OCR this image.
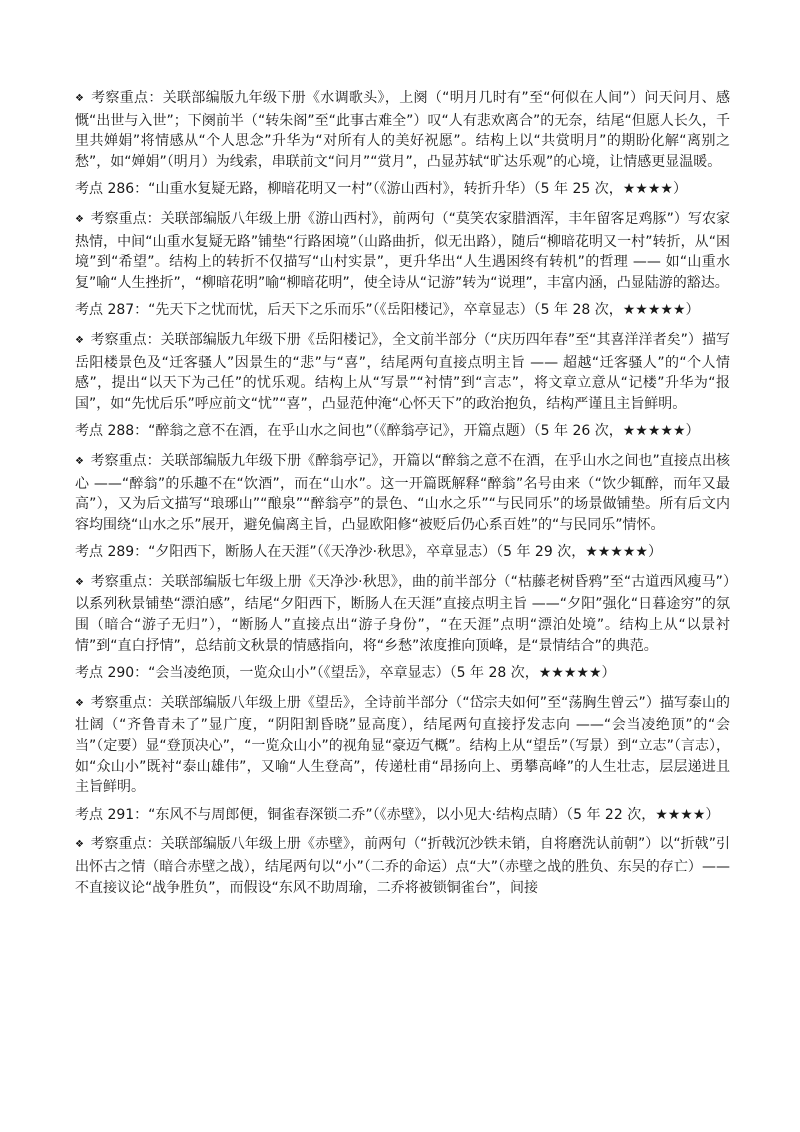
❖ 考察重点：关联部编版九年级下册《水调歌头》，上阕（“明月几时有”至“何似在人间”）问天问月、感慨“出世与入世”；下阕前半（“转朱阁”至“此事古难全”）叹“人有悲欢离合”的无奈，结尾“但愿人长久，千里共婵娟”将情感从“个人思念”升华为“对所有人的美好祝愿”。结构上以“共赏明月”的期盼化解“离别之愁”，如“婵娟”（明月）为线索，串联前文“问月”“赏月”，凸显苏轼“旷达乐观”的心境，让情感更显温暖。

考点 286：“山重水复疑无路，柳暗花明又一村”（《游山西村》，转折升华）（5 年 25 次，★★★★）

❖ 考察重点：关联部编版八年级上册《游山西村》，前两句（“莫笑农家腊酒浑，丰年留客足鸡豚”）写农家热情，中间“山重水复疑无路”铺垫“行路困境”（山路曲折，似无出路），随后“柳暗花明又一村”转折，从“困境”到“希望”。结构上的转折不仅描写“山村实景”，更升华出“人生遇困终有转机”的哲理 —— 如“山重水复”喻“人生挫折”，“柳暗花明”喻“柳暗花明”，使全诗从“记游”转为“说理”，丰富内涵，凸显陆游的豁达。

考点 287：“先天下之忧而忧，后天下之乐而乐”（《岳阳楼记》，卒章显志）（5 年 28 次，★★★★★）

❖ 考察重点：关联部编版九年级下册《岳阳楼记》，全文前半部分（“庆历四年春”至“其喜洋洋者矣”）描写岳阳楼景色及“迁客骚人”因景生的“悲”与“喜”，结尾两句直接点明主旨 —— 超越“迁客骚人”的“个人情感”，提出“以天下为己任”的忧乐观。结构上从“写景”“衬情”到“言志”，将文章立意从“记楼”升华为“报国”，如“先忧后乐”呼应前文“忧”“喜”，凸显范仲淹“心怀天下”的政治抱负，结构严谨且主旨鲜明。

考点 288：“醉翁之意不在酒，在乎山水之间也”（《醉翁亭记》，开篇点题）（5 年 26 次，★★★★★）

❖ 考察重点：关联部编版九年级下册《醉翁亭记》，开篇以“醉翁之意不在酒，在乎山水之间也”直接点出核心 ——“醉翁”的乐趣不在“饮酒”，而在“山水”。这一开篇既解释“醉翁”名号由来（“饮少辄醉，而年又最高”），又为后文描写“琅琊山”“酿泉”“醉翁亭”的景色、“山水之乐”“与民同乐”的场景做铺垫。所有后文内容均围绕“山水之乐”展开，避免偏离主旨，凸显欧阳修“被贬后仍心系百姓”的“与民同乐”情怀。

考点 289：“夕阳西下，断肠人在天涯”（《天净沙·秋思》，卒章显志）（5 年 29 次，★★★★★）

❖ 考察重点：关联部编版七年级上册《天净沙·秋思》，曲的前半部分（“枯藤老树昏鸦”至“古道西风瘦马”）以系列秋景铺垫“漂泊感”，结尾“夕阳西下，断肠人在天涯”直接点明主旨 ——“夕阳”强化“日暮途穷”的氛围（暗合“游子无归”），“断肠人”直接点出“游子身份”，“在天涯”点明“漂泊处境”。结构上从“以景衬情”到“直白抒情”，总结前文秋景的情感指向，将“乡愁”浓度推向顶峰，是“景情结合”的典范。

考点 290：“会当凌绝顶，一览众山小”（《望岳》，卒章显志）（5 年 28 次，★★★★★）

❖ 考察重点：关联部编版八年级上册《望岳》，全诗前半部分（“岱宗夫如何”至“荡胸生曾云”）描写泰山的壮阔（“齐鲁青未了”显广度，“阴阳割昏晓”显高度），结尾两句直接抒发志向 ——“会当凌绝顶”的“会当”（定要）显“登顶决心”，“一览众山小”的视角显“豪迈气概”。结构上从“望岳”（写景）到“立志”（言志），如“众山小”既衬“泰山雄伟”，又喻“人生登高”，传递杜甫“昂扬向上、勇攀高峰”的人生壮志，层层递进且主旨鲜明。

考点 291：“东风不与周郎便，铜雀春深锁二乔”（《赤壁》，以小见大·结构点睛）（5 年 22 次，★★★★）

❖ 考察重点：关联部编版八年级上册《赤壁》，前两句（“折戟沉沙铁未销，自将磨洗认前朝”）以“折戟”引出怀古之情（暗合赤壁之战），结尾两句以“小”（二乔的命运）点“大”（赤壁之战的胜负、东吴的存亡）—— 不直接议论“战争胜负”，而假设“东风不助周瑜，二乔将被锁铜雀台”，间接
